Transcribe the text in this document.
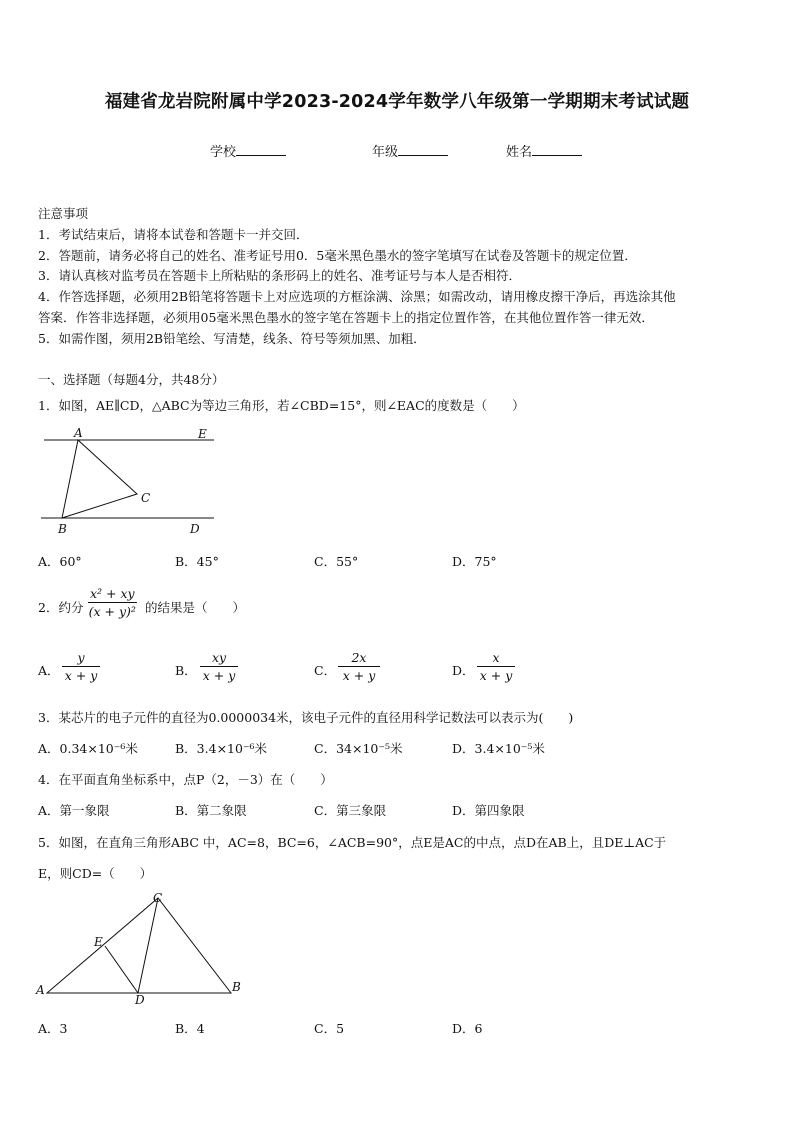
福建省龙岩院附属中学2023-2024学年数学八年级第一学期期末考试试题
学校	年级	姓名
注意事项
1．考试结束后，请将本试卷和答题卡一并交回．
2．答题前，请务必将自己的姓名、准考证号用0．5毫米黑色墨水的签字笔填写在试卷及答题卡的规定位置．
3．请认真核对监考员在答题卡上所粘贴的条形码上的姓名、准考证号与本人是否相符．
4．作答选择题，必须用2B铅笔将答题卡上对应选项的方框涂满、涂黑；如需改动，请用橡皮擦干净后，再选涂其他
答案．作答非选择题，必须用05毫米黑色墨水的签字笔在答题卡上的指定位置作答，在其他位置作答一律无效．
5．如需作图，须用2B铅笔绘、写清楚，线条、符号等须加黑、加粗．
一、选择题（每题4分，共48分）
1．如图，AE∥CD，△ABC为等边三角形，若∠CBD=15°，则∠EAC的度数是（　　）
A	E
C
B	D
A．60°	B．45°	C．55°	D．75°
2．约分 $\frac{\text{x² + xy}}{\text{(x + y)²}}$ 的结果是（　　）
A． $\frac{y}{x + y}$	B． $\frac{xy}{x + y}$	C． $\frac{2x}{x + y}$	D． $\frac{x}{x + y}$
3．某芯片的电子元件的直径为0.0000034米，该电子元件的直径用科学记数法可以表示为(　　)
A．0.34×10⁻⁶米	B．3.4×10⁻⁶米	C．34×10⁻⁵米	D．3.4×10⁻⁵米
4．在平面直角坐标系中，点P（2，－3）在（　　）
A．第一象限	B．第二象限	C．第三象限	D．第四象限
5．如图，在直角三角形ABC 中，AC=8，BC=6，∠ACB=90°，点E是AC的中点，点D在AB上，且DE⊥AC于
E，则CD=（　　）
A	B
C
D
E
A．3	B．4	C．5	D．6
